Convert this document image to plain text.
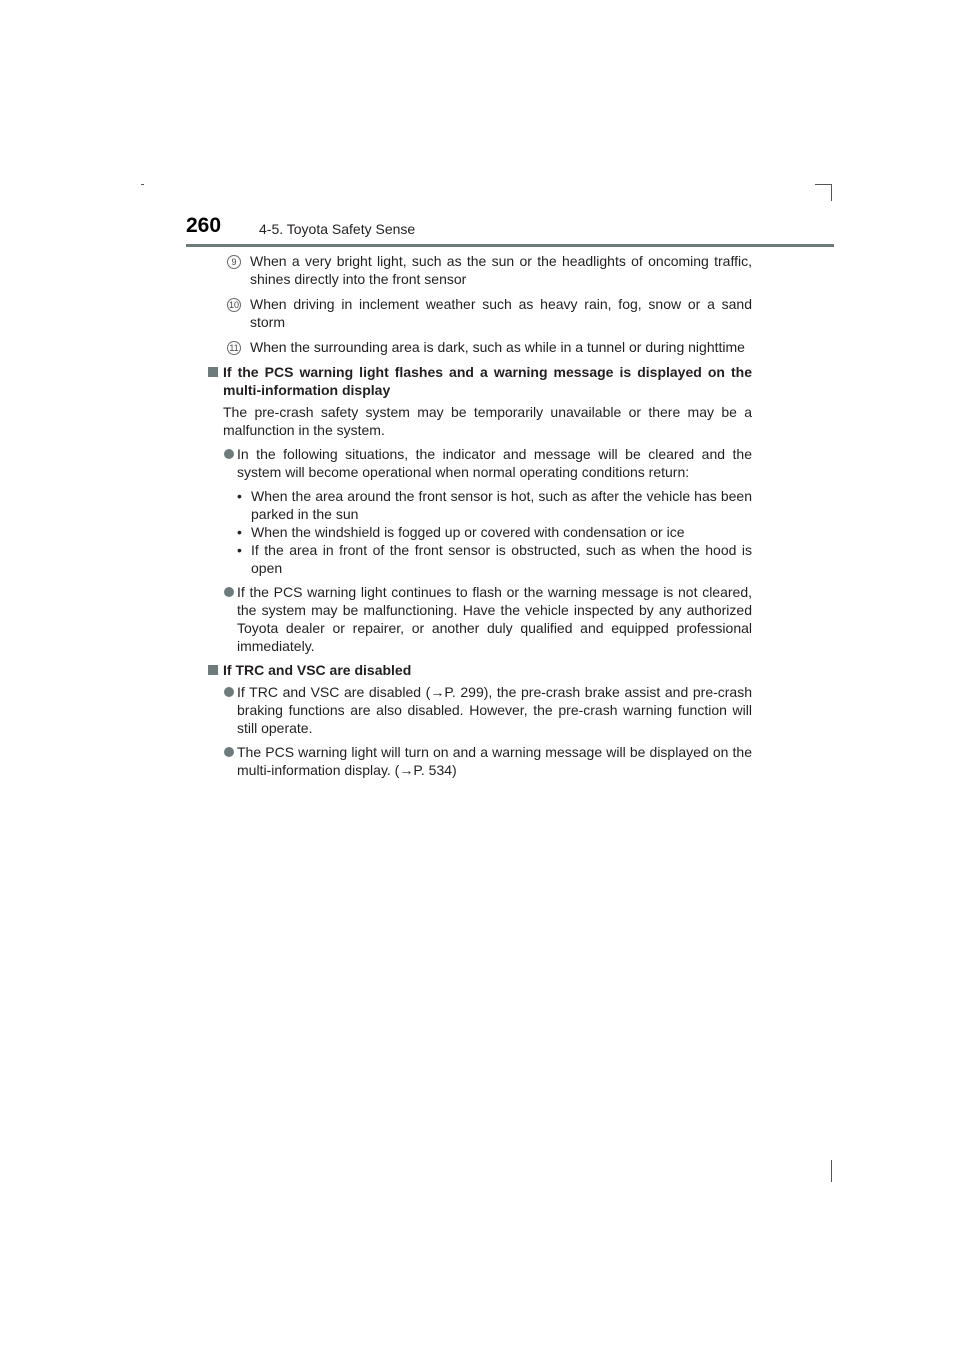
260	4-5. Toyota Safety Sense
9 When a very bright light, such as the sun or the headlights of oncoming traffic, shines directly into the front sensor
10 When driving in inclement weather such as heavy rain, fog, snow or a sand storm
11 When the surrounding area is dark, such as while in a tunnel or during nighttime
If the PCS warning light flashes and a warning message is displayed on the multi-information display
The pre-crash safety system may be temporarily unavailable or there may be a malfunction in the system.
In the following situations, the indicator and message will be cleared and the system will become operational when normal operating conditions return:
• When the area around the front sensor is hot, such as after the vehicle has been parked in the sun
• When the windshield is fogged up or covered with condensation or ice
• If the area in front of the front sensor is obstructed, such as when the hood is open
If the PCS warning light continues to flash or the warning message is not cleared, the system may be malfunctioning. Have the vehicle inspected by any authorized Toyota dealer or repairer, or another duly qualified and equipped professional immediately.
If TRC and VSC are disabled
If TRC and VSC are disabled (→P. 299), the pre-crash brake assist and pre-crash braking functions are also disabled. However, the pre-crash warning function will still operate.
The PCS warning light will turn on and a warning message will be displayed on the multi-information display. (→P. 534)
